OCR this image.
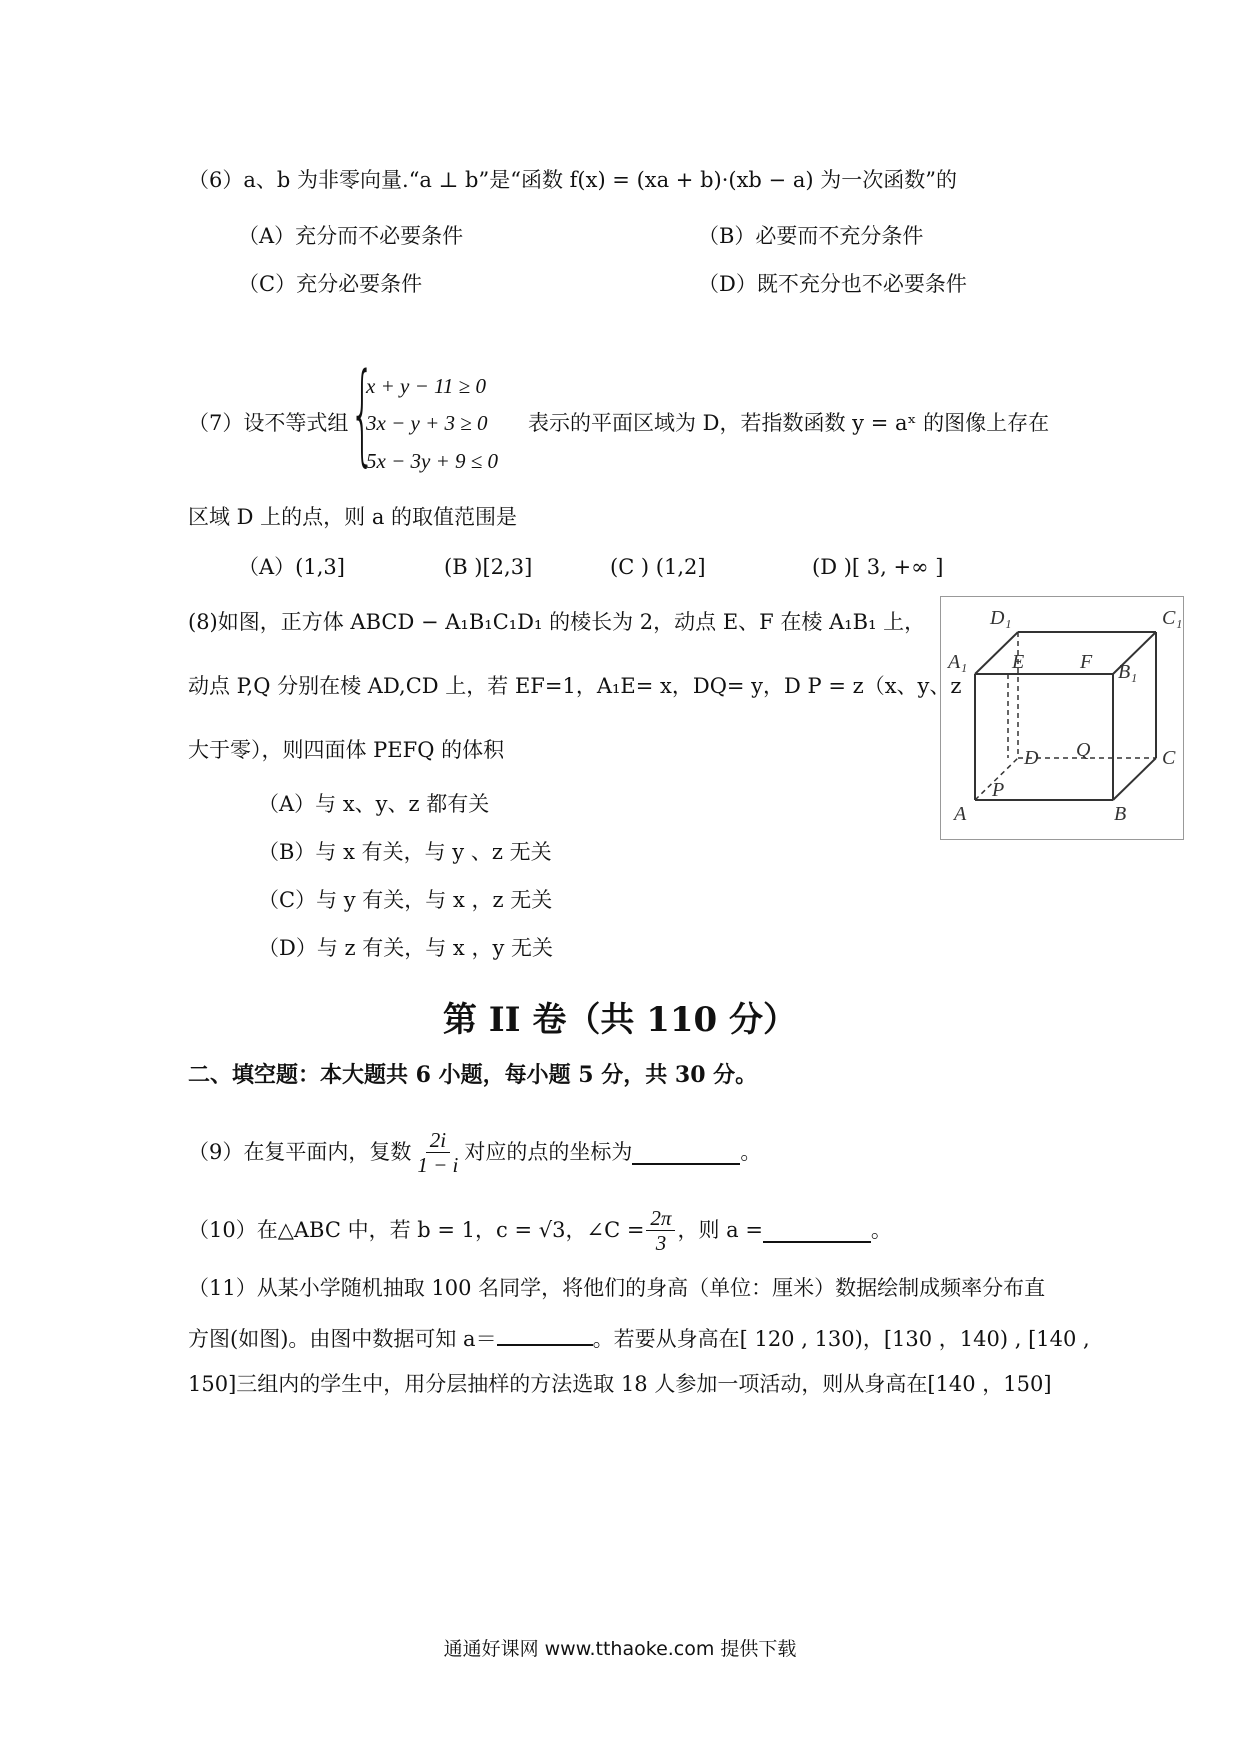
（6）a、b 为非零向量.“a ⊥ b”是“函数 f(x) = (xa + b)·(xb − a) 为一次函数”的
（A）充分而不必要条件	（B）必要而不充分条件
（C）充分必要条件	（D）既不充分也不必要条件
（7）设不等式组 {
x + y − 11 ≥ 0
3x − y + 3 ≥ 0
5x − 3y + 9 ≤ 0
表示的平面区域为 D，若指数函数 y = aˣ 的图像上存在
区域 D 上的点，则 a 的取值范围是
（A）(1,3]	(B )[2,3]	(C ) (1,2]	(D )[ 3, +∞ ]
(8)如图，正方体 ABCD − A₁B₁C₁D₁ 的棱长为 2，动点 E、F 在棱 A₁B₁ 上，
动点 P,Q 分别在棱 AD,CD 上，若 EF=1，A₁E= x，DQ= y，D P = z（x、y、z
大于零），则四面体 PEFQ 的体积
（A）与 x、y、z 都有关
（B）与 x 有关，与 y 、z 无关
（C）与 y 有关，与 x ，z 无关
（D）与 z 有关，与 x ，y 无关
D₁	C₁
A₁ E	F B₁
D Q	C
A
P
B
第 II 卷（共 110 分）
二、填空题：本大题共 6 小题，每小题 5 分，共 30 分。
（9）在复平面内，复数 $\frac{2i}{1 - i}$ 对应的点的坐标为	。
（10）在△ABC 中，若 b = 1，c = √3，∠C = $\frac{2\pi}{3}$ ，则 a =	。
（11）从某小学随机抽取 100 名同学，将他们的身高（单位：厘米）数据绘制成频率分布直
方图(如图)。由图中数据可知 a＝	。若要从身高在[ 120 , 130)，[130 ，140) , [140 ,
150]三组内的学生中，用分层抽样的方法选取 18 人参加一项活动，则从身高在[140 ，150]
通通好课网 www.tthaoke.com 提供下载
